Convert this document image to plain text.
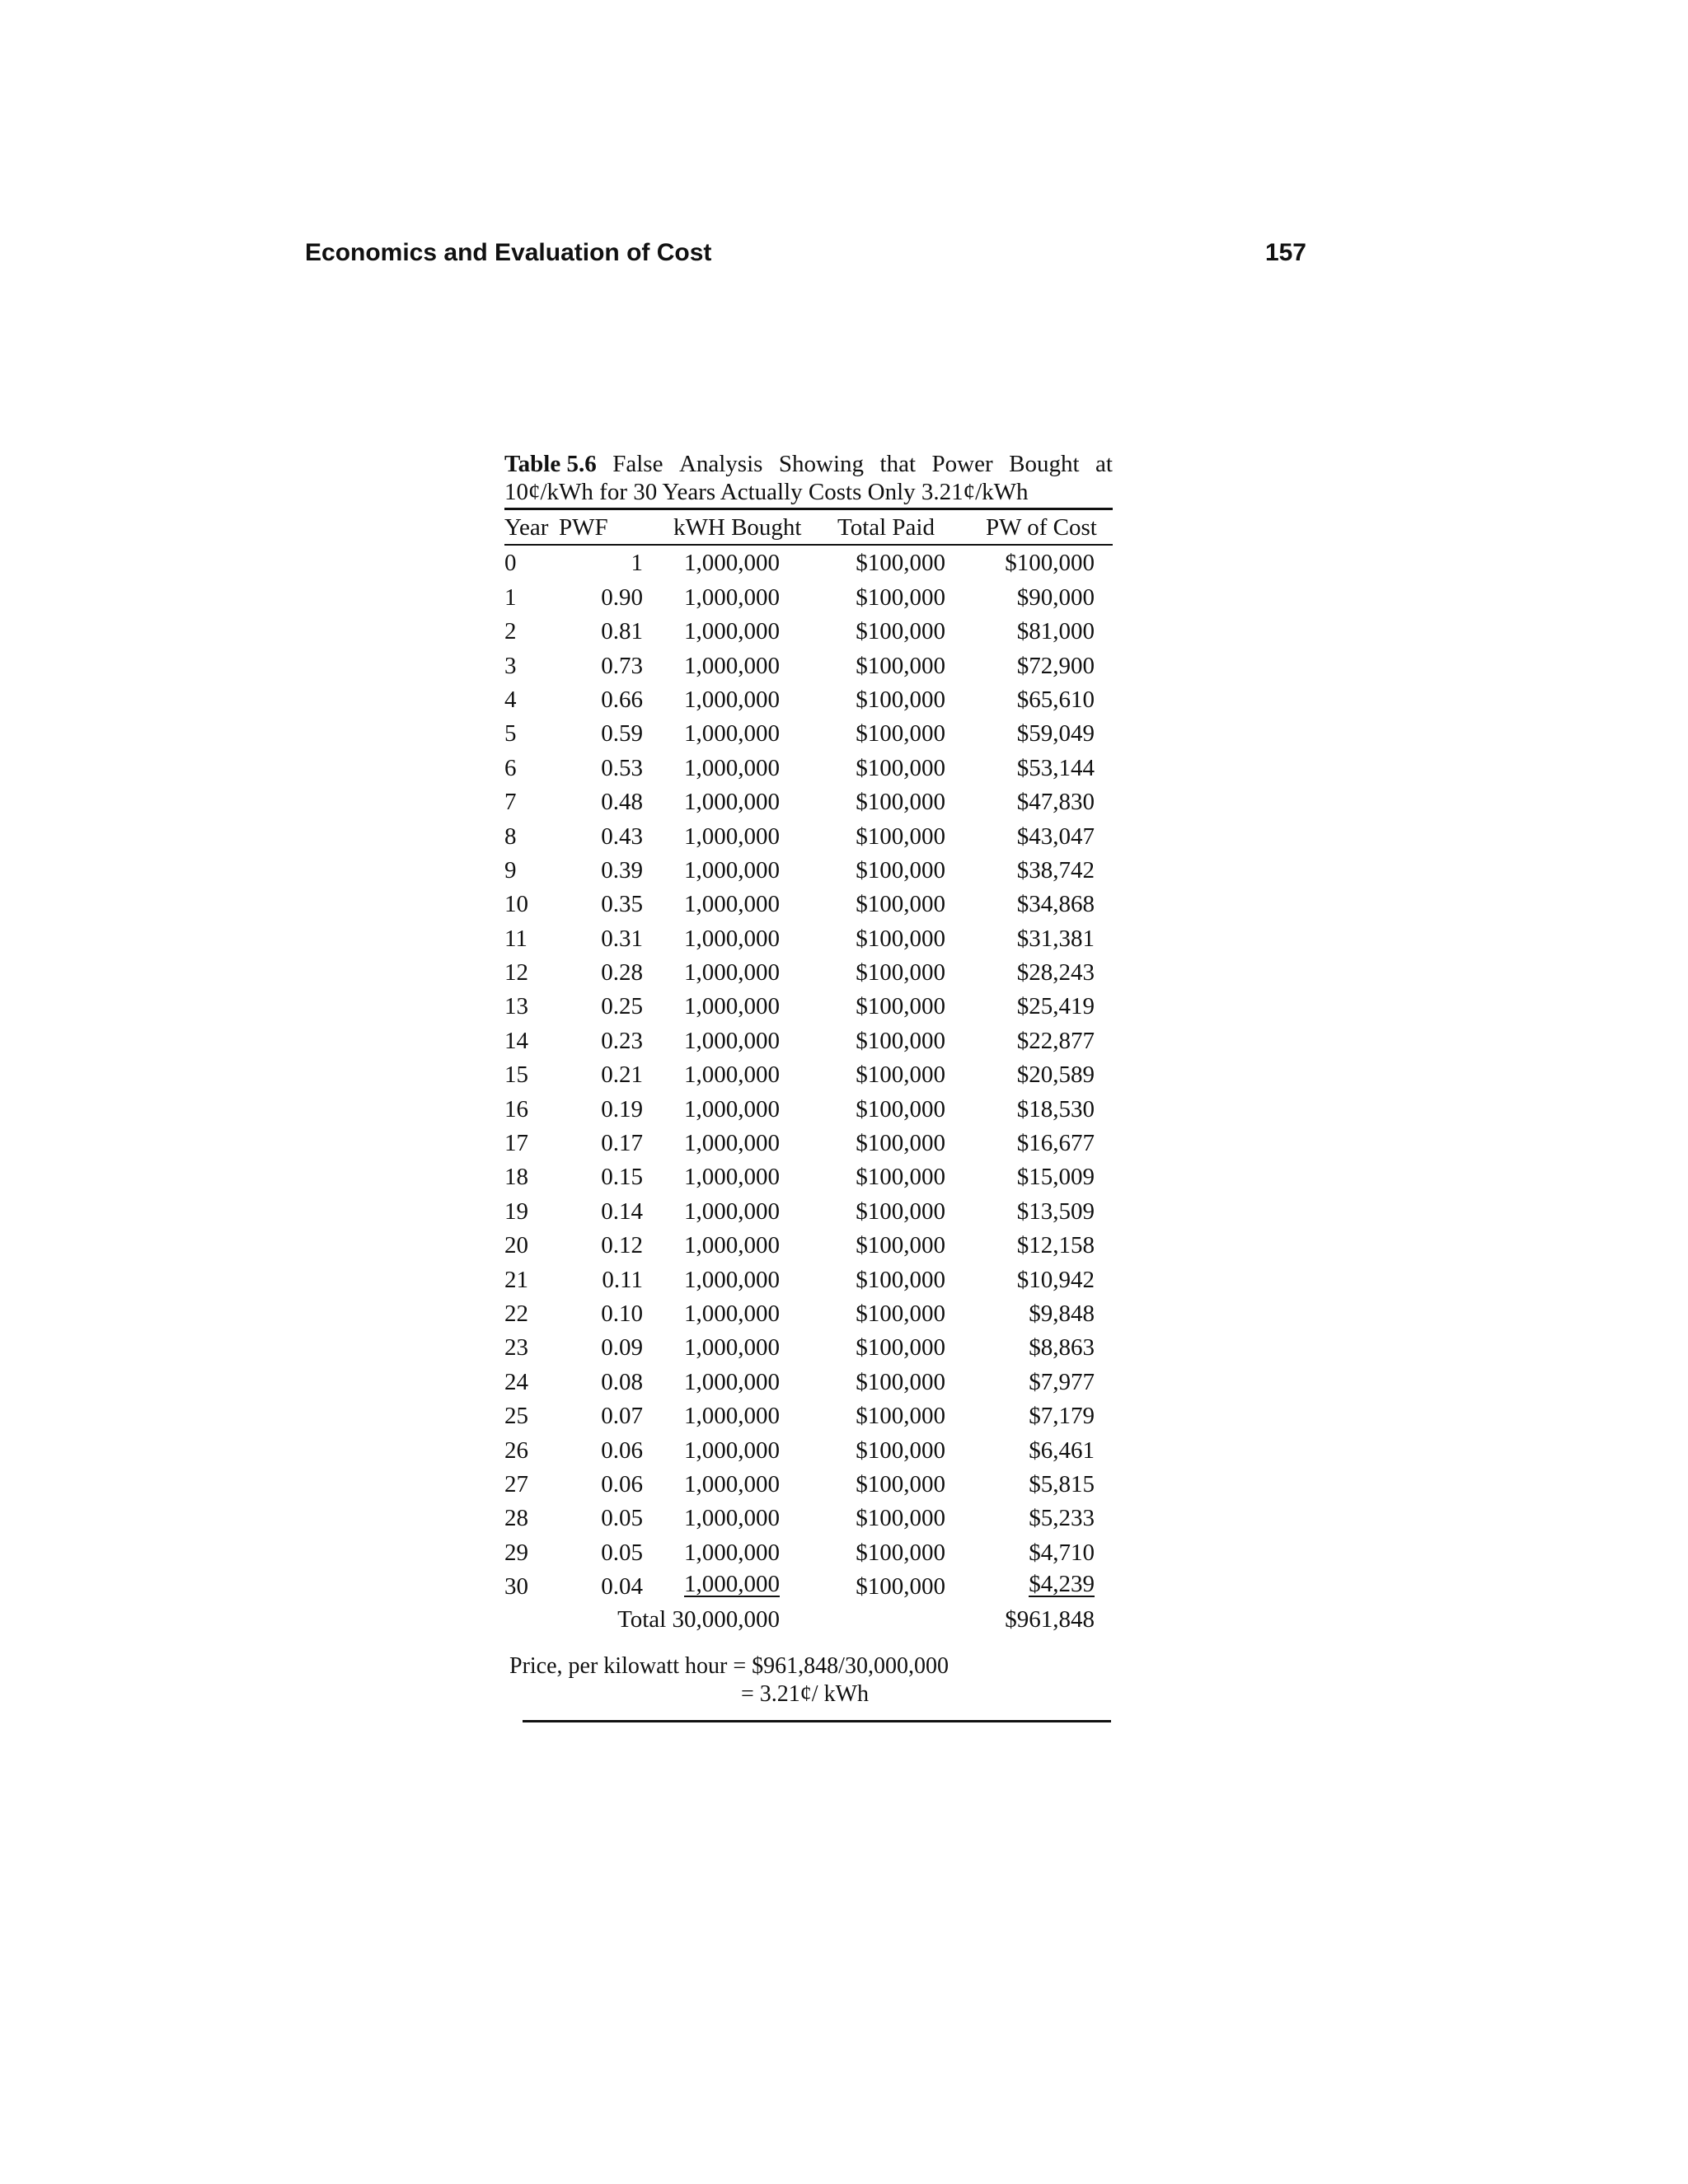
Economics and Evaluation of Cost	157
Table 5.6 False Analysis Showing that Power Bought at
10¢/kWh for 30 Years Actually Costs Only 3.21¢/kWh
Year PWF	kWH Bought Total Paid PW of Cost
0	1 1,000,000	$100,000 $100,000
1	0.90 1,000,000	$100,000	$90,000
2	0.81 1,000,000	$100,000	$81,000
3	0.73 1,000,000	$100,000	$72,900
4	0.66 1,000,000	$100,000	$65,610
5	0.59 1,000,000	$100,000	$59,049
6	0.53 1,000,000	$100,000	$53,144
7	0.48 1,000,000	$100,000	$47,830
8	0.43 1,000,000	$100,000	$43,047
9	0.39 1,000,000	$100,000	$38,742
10	0.35 1,000,000	$100,000	$34,868
11	0.31 1,000,000	$100,000	$31,381
12	0.28 1,000,000	$100,000	$28,243
13	0.25 1,000,000	$100,000	$25,419
14	0.23 1,000,000	$100,000	$22,877
15	0.21 1,000,000	$100,000	$20,589
16	0.19 1,000,000	$100,000	$18,530
17	0.17 1,000,000	$100,000	$16,677
18	0.15 1,000,000	$100,000	$15,009
19	0.14 1,000,000	$100,000	$13,509
20	0.12 1,000,000	$100,000	$12,158
21	0.11 1,000,000	$100,000	$10,942
22	0.10 1,000,000	$100,000	$9,848
23	0.09 1,000,000	$100,000	$8,863
24	0.08 1,000,000	$100,000	$7,977
25	0.07 1,000,000	$100,000	$7,179
26	0.06 1,000,000	$100,000	$6,461
27	0.06 1,000,000	$100,000	$5,815
28	0.05 1,000,000	$100,000	$5,233
29	0.05 1,000,000	$100,000	$4,710
30	0.04 1,000,000	$100,000	$4,239
Total 30,000,000	$961,848
Price, per kilowatt hour = $961,848/30,000,000
= 3.21¢/ kWh
